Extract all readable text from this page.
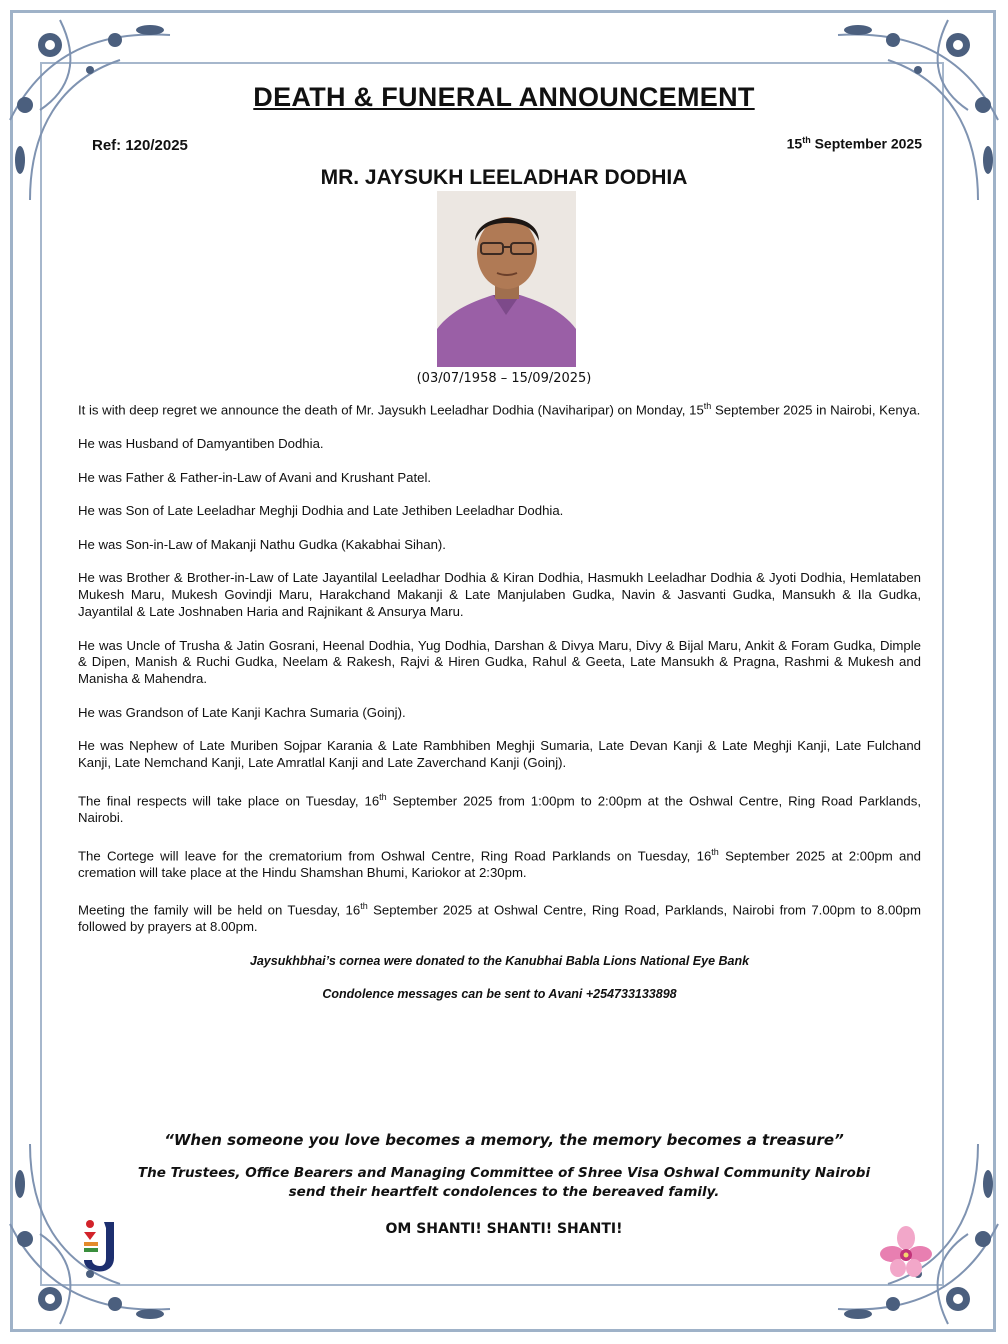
DEATH & FUNERAL ANNOUNCEMENT
Ref: 120/2025	15th September 2025
MR. JAYSUKH LEELADHAR DODHIA
(03/07/1958 – 15/09/2025)

It is with deep regret we announce the death of Mr. Jaysukh Leeladhar Dodhia (Naviharipar) on Monday, 15th September 2025 in Nairobi, Kenya.

He was Husband of Damyantiben Dodhia.

He was Father & Father-in-Law of Avani and Krushant Patel.

He was Son of Late Leeladhar Meghji Dodhia and Late Jethiben Leeladhar Dodhia.

He was Son-in-Law of Makanji Nathu Gudka (Kakabhai Sihan).

He was Brother & Brother-in-Law of Late Jayantilal Leeladhar Dodhia & Kiran Dodhia, Hasmukh Leeladhar Dodhia & Jyoti Dodhia, Hemlataben Mukesh Maru, Mukesh Govindji Maru, Harakchand Makanji & Late Manjulaben Gudka, Navin & Jasvanti Gudka, Mansukh & Ila Gudka, Jayantilal & Late Joshnaben Haria and Rajnikant & Ansurya Maru.

He was Uncle of Trusha & Jatin Gosrani, Heenal Dodhia, Yug Dodhia, Darshan & Divya Maru, Divy & Bijal Maru, Ankit & Foram Gudka, Dimple & Dipen, Manish & Ruchi Gudka, Neelam & Rakesh, Rajvi & Hiren Gudka, Rahul & Geeta, Late Mansukh & Pragna, Rashmi & Mukesh and Manisha & Mahendra.

He was Grandson of Late Kanji Kachra Sumaria (Goinj).

He was Nephew of Late Muriben Sojpar Karania & Late Rambhiben Meghji Sumaria, Late Devan Kanji & Late Meghji Kanji, Late Fulchand Kanji, Late Nemchand Kanji, Late Amratlal Kanji and Late Zaverchand Kanji (Goinj).

The final respects will take place on Tuesday, 16th September 2025 from 1:00pm to 2:00pm at the Oshwal Centre, Ring Road Parklands, Nairobi.

The Cortege will leave for the crematorium from Oshwal Centre, Ring Road Parklands on Tuesday, 16th September 2025 at 2:00pm and cremation will take place at the Hindu Shamshan Bhumi, Kariokor at 2:30pm.

Meeting the family will be held on Tuesday, 16th September 2025 at Oshwal Centre, Ring Road, Parklands, Nairobi from 7.00pm to 8.00pm followed by prayers at 8.00pm.

Jaysukhbhai’s cornea were donated to the Kanubhai Babla Lions National Eye Bank

Condolence messages can be sent to Avani +254733133898

“When someone you love becomes a memory, the memory becomes a treasure”
The Trustees, Office Bearers and Managing Committee of Shree Visa Oshwal Community Nairobi
send their heartfelt condolences to the bereaved family.
OM SHANTI! SHANTI! SHANTI!
